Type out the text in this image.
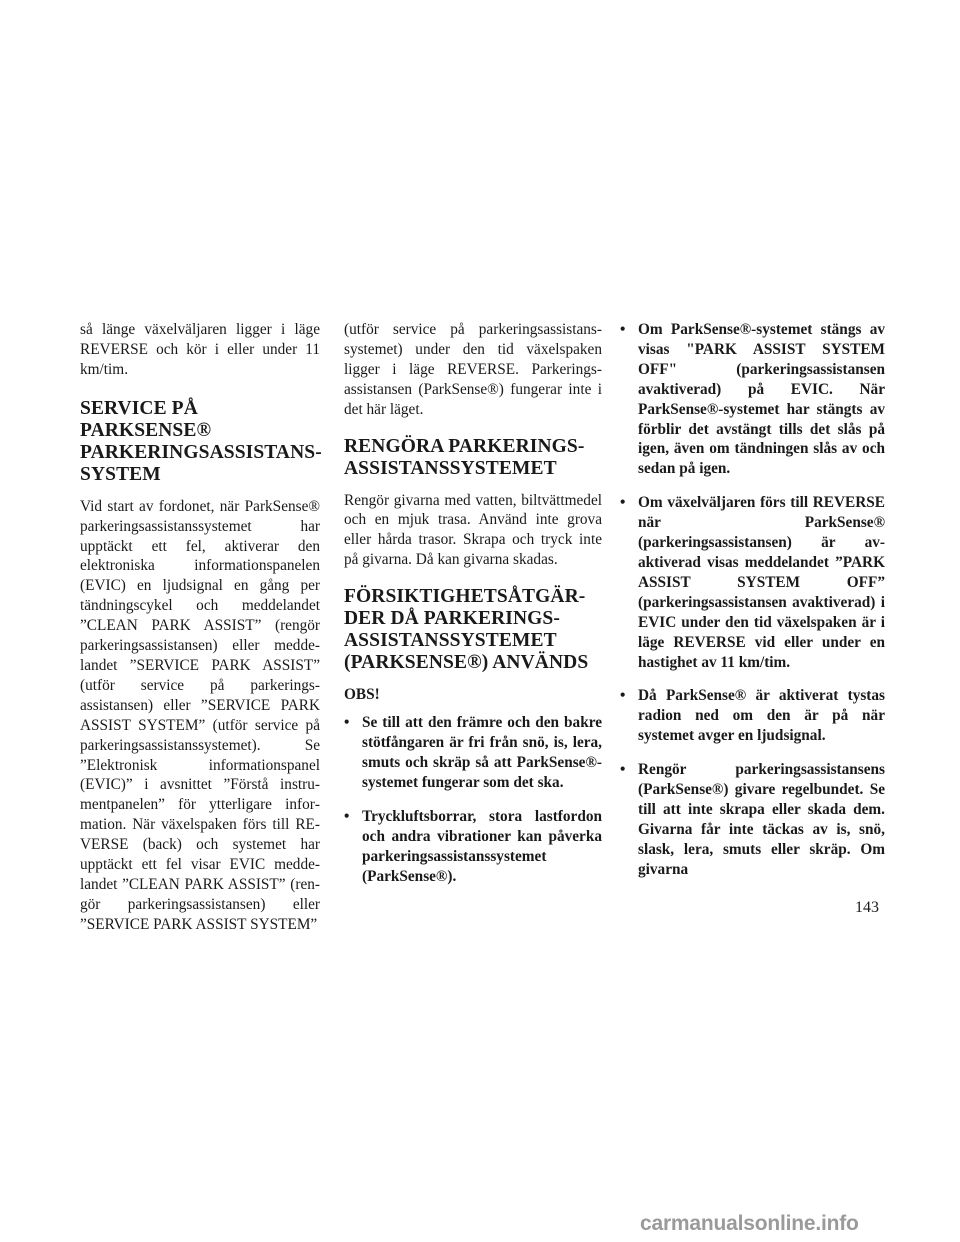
så länge växelväljaren ligger i läge REVERSE och kör i eller under 11 km/tim.

SERVICE PÅ PARKSENSE® PARKERINGSASSISTANSSYSTEM

Vid start av fordonet, när ParkSense® parkeringsassistanssystemet har upptäckt ett fel, aktiverar den elektroniska informationspanelen (EVIC) en ljudsignal en gång per tändningscykel och meddelandet ”CLEAN PARK ASSIST” (rengör parkeringsassistansen) eller meddelandet ”SERVICE PARK ASSIST” (utför service på parkeringsassistansen) eller ”SERVICE PARK ASSIST SYSTEM” (utför service på parkeringsassistanssystemet). Se ”Elektronisk informationspanel (EVIC)” i avsnittet ”Förstå instrumentpanelen” för ytterligare information. När växelspaken förs till REVERSE (back) och systemet har upptäckt ett fel visar EVIC meddelandet ”CLEAN PARK ASSIST” (rengör parkeringsassistansen) eller ”SERVICE PARK ASSIST SYSTEM”

(utför service på parkeringsassistanssystemet) under den tid växelspaken ligger i läge REVERSE. Parkeringsassistansen (ParkSense®) fungerar inte i det här läget.

RENGÖRA PARKERINGSASSISTANSSYSTEMET

Rengör givarna med vatten, biltvättmedel och en mjuk trasa. Använd inte grova eller hårda trasor. Skrapa och tryck inte på givarna. Då kan givarna skadas.

FÖRSIKTIGHETSÅTGÄRDER DÅ PARKERINGSASSISTANSSYSTEMET (PARKSENSE®) ANVÄNDS

OBS!

• Se till att den främre och den bakre stötfångaren är fri från snö, is, lera, smuts och skräp så att ParkSense®-systemet fungerar som det ska.
• Tryckluftsborrar, stora lastfordon och andra vibrationer kan påverka parkeringsassistanssystemet (ParkSense®).
• Om ParkSense®-systemet stängs av visas "PARK ASSIST SYSTEM OFF" (parkeringsassistansen avaktiverad) på EVIC. När ParkSense®-systemet har stängts av förblir det avstängt tills det slås på igen, även om tändningen slås av och sedan på igen.
• Om växelväljaren förs till REVERSE när ParkSense® (parkeringsassistansen) är avaktiverad visas meddelandet ”PARK ASSIST SYSTEM OFF” (parkeringsassistansen avaktiverad) i EVIC under den tid växelspaken är i läge REVERSE vid eller under en hastighet av 11 km/tim.
• Då ParkSense® är aktiverat tystas radion ned om den är på när systemet avger en ljudsignal.
• Rengör parkeringsassistansens (ParkSense®) givare regelbundet. Se till att inte skrapa eller skada dem. Givarna får inte täckas av is, snö, slask, lera, smuts eller skräp. Om givarna
143
carmanualsonline.info
